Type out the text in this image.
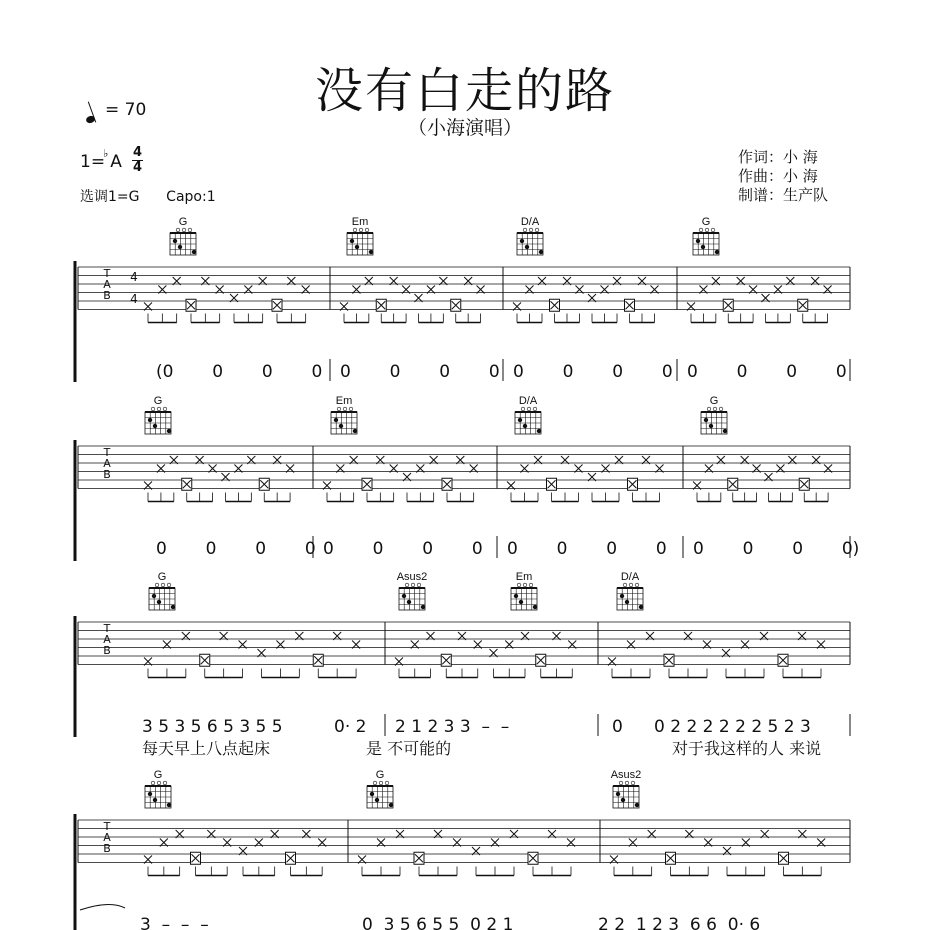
没有白走的路
（小海演唱）
= 70
1=♭ A 4
4
选调1=G      Capo:1
作词：小 海
作曲：小 海
制谱：生产队
T
A
B
4
4
(0  0  0  0 0  0  0  0 0  0  0  0 0  0  0  0
G	Em	D/A	G
T
A
B
0  0  0  0 0  0  0  0 0  0  0  0 0  0  0  0)
G	Em	D/A	G
T
A
B
3 5 3 5 6 5 3 5 5	0· 2 2 1 2 3 3  –  –	0 0 2 2 2 2 2 2 5 2 3
每天早上八点起床	是 不可能的	对于我这样的人 来说
G	Asus2	Em	D/A
T
A
B
3  –  –  –	0  3 5 6 5 5  0 2 1	2 2  1 2 3  6 6  0· 6
G	G	Asus2
